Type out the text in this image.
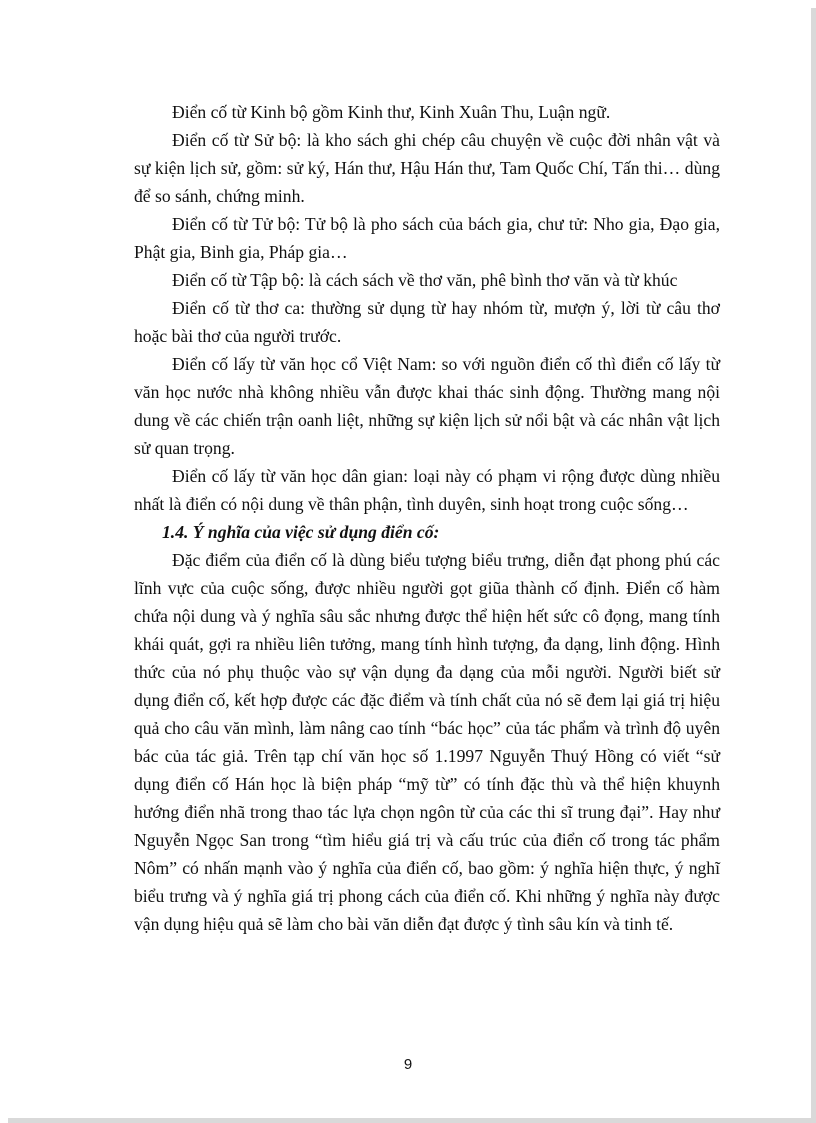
Điển cố từ Kinh bộ gồm Kinh thư, Kinh Xuân Thu, Luận ngữ.

Điển cố từ Sử bộ: là kho sách ghi chép câu chuyện về cuộc đời nhân vật và sự kiện lịch sử, gồm: sử ký, Hán thư, Hậu Hán thư, Tam Quốc Chí, Tấn thi… dùng để so sánh, chứng minh.

Điển cố từ Tử bộ: Tử bộ là pho sách của bách gia, chư tử: Nho gia, Đạo gia, Phật gia, Binh gia, Pháp gia…

Điển cố từ Tập bộ: là cách sách về thơ văn, phê bình thơ văn và từ khúc

Điển cố từ thơ ca: thường sử dụng từ hay nhóm từ, mượn ý, lời từ câu thơ hoặc bài thơ của người trước.

Điển cố lấy từ văn học cổ Việt Nam: so với nguồn điển cố thì điển cố lấy từ văn học nước nhà không nhiều vẫn được khai thác sinh động. Thường mang nội dung về các chiến trận oanh liệt, những sự kiện lịch sử nổi bật và các nhân vật lịch sử quan trọng.

Điển cố lấy từ văn học dân gian: loại này có phạm vi rộng được dùng nhiều nhất là điển có nội dung về thân phận, tình duyên, sinh hoạt trong cuộc sống…

1.4. Ý nghĩa của việc sử dụng điển cố:

Đặc điểm của điển cố là dùng biểu tượng biểu trưng, diễn đạt phong phú các lĩnh vực của cuộc sống, được nhiều người gọt giũa thành cố định. Điển cố hàm chứa nội dung và ý nghĩa sâu sắc nhưng được thể hiện hết sức cô đọng, mang tính khái quát, gợi ra nhiều liên tưởng, mang tính hình tượng, đa dạng, linh động. Hình thức của nó phụ thuộc vào sự vận dụng đa dạng của mỗi người. Người biết sử dụng điển cố, kết hợp được các đặc điểm và tính chất của nó sẽ đem lại giá trị hiệu quả cho câu văn mình, làm nâng cao tính “bác học” của tác phẩm và trình độ uyên bác của tác giả. Trên tạp chí văn học số 1.1997 Nguyễn Thuý Hồng có viết “sử dụng điển cố Hán học là biện pháp “mỹ từ” có tính đặc thù và thể hiện khuynh hướng điển nhã trong thao tác lựa chọn ngôn từ của các thi sĩ trung đại”. Hay như Nguyễn Ngọc San trong “tìm hiểu giá trị và cấu trúc của điển cố trong tác phẩm Nôm” có nhấn mạnh vào ý nghĩa của điển cố, bao gồm: ý nghĩa hiện thực, ý nghĩ biểu trưng và ý nghĩa giá trị phong cách của điển cố. Khi những ý nghĩa này được vận dụng hiệu quả sẽ làm cho bài văn diễn đạt được ý tình sâu kín và tinh tế.

9
